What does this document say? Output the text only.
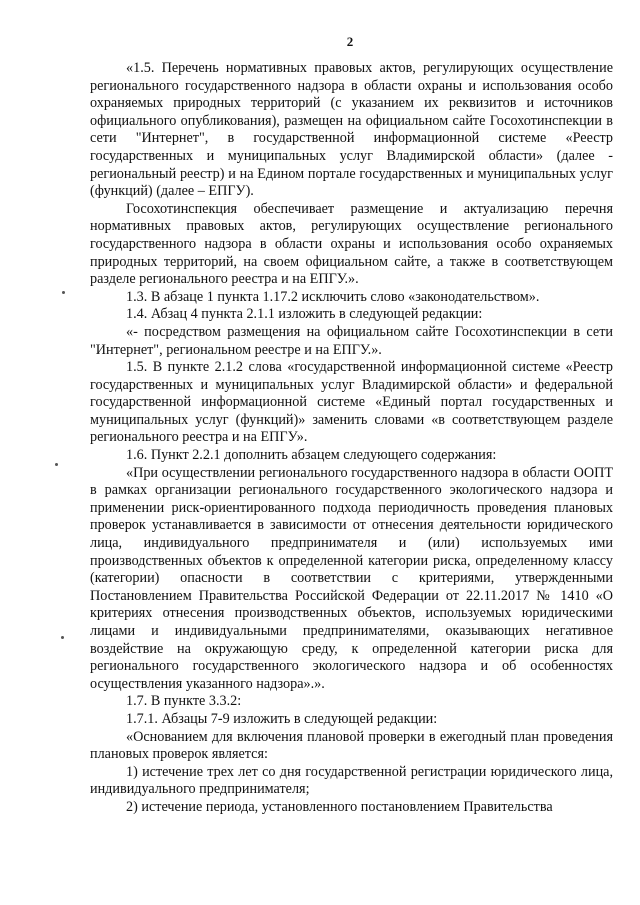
2

«1.5. Перечень нормативных правовых актов, регулирующих осуществление регионального государственного надзора в области охраны и использования особо охраняемых природных территорий (с указанием их реквизитов и источников официального опубликования), размещен на официальном сайте Госохотинспекции в сети "Интернет", в государственной информационной системе «Реестр государственных и муниципальных услуг Владимирской области» (далее - региональный реестр) и на Едином портале государственных и муниципальных услуг (функций) (далее – ЕПГУ).

Госохотинспекция обеспечивает размещение и актуализацию перечня нормативных правовых актов, регулирующих осуществление регионального государственного надзора в области охраны и использования особо охраняемых природных территорий, на своем официальном сайте, а также в соответствующем разделе регионального реестра и на ЕПГУ.».

1.3. В абзаце 1 пункта 1.17.2 исключить слово «законодательством».

1.4. Абзац 4 пункта 2.1.1 изложить в следующей редакции:

«- посредством размещения на официальном сайте Госохотинспекции в сети "Интернет", региональном реестре и на ЕПГУ.».

1.5. В пункте 2.1.2 слова «государственной информационной системе «Реестр государственных и муниципальных услуг Владимирской области» и федеральной государственной информационной системе «Единый портал государственных и муниципальных услуг (функций)» заменить словами «в соответствующем разделе регионального реестра и на ЕПГУ».

1.6. Пункт 2.2.1 дополнить абзацем следующего содержания:

«При осуществлении регионального государственного надзора в области ООПТ в рамках организации регионального государственного экологического надзора и применении риск-ориентированного подхода периодичность проведения плановых проверок устанавливается в зависимости от отнесения деятельности юридического лица, индивидуального предпринимателя и (или) используемых ими производственных объектов к определенной категории риска, определенному классу (категории) опасности в соответствии с критериями, утвержденными Постановлением Правительства Российской Федерации от 22.11.2017 № 1410 «О критериях отнесения производственных объектов, используемых юридическими лицами и индивидуальными предпринимателями, оказывающих негативное воздействие на окружающую среду, к определенной категории риска для регионального государственного экологического надзора и об особенностях осуществления указанного надзора».».

1.7. В пункте 3.3.2:

1.7.1. Абзацы 7-9 изложить в следующей редакции:

«Основанием для включения плановой проверки в ежегодный план проведения плановых проверок является:

1) истечение трех лет со дня государственной регистрации юридического лица, индивидуального предпринимателя;

2) истечение периода, установленного постановлением Правительства
